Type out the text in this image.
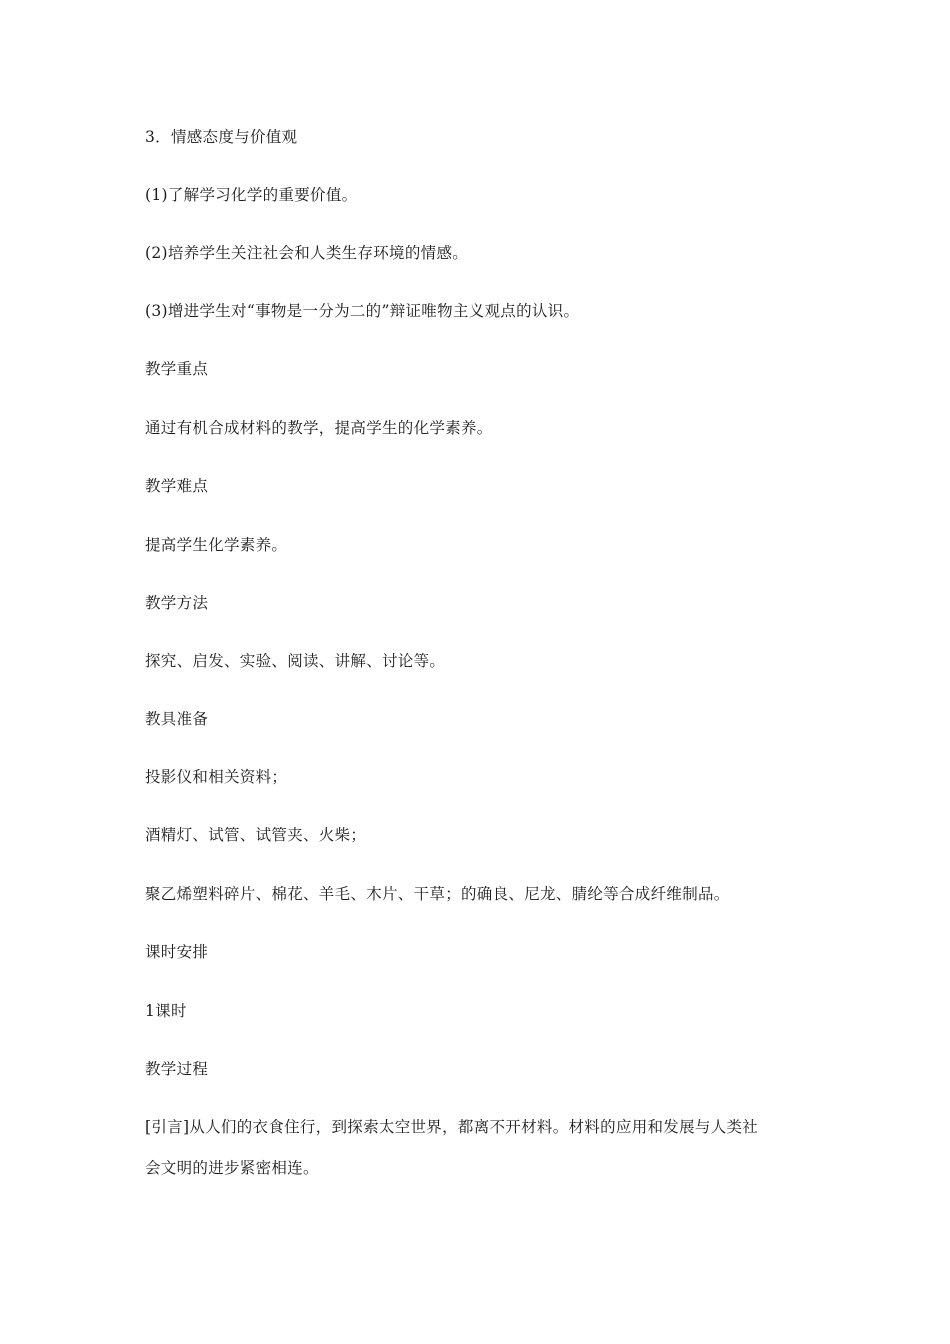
3．情感态度与价值观
(1)了解学习化学的重要价值。
(2)培养学生关注社会和人类生存环境的情感。
(3)增进学生对“事物是一分为二的”辩证唯物主义观点的认识。
教学重点
通过有机合成材料的教学，提高学生的化学素养。
教学难点
提高学生化学素养。
教学方法
探究、启发、实验、阅读、讲解、讨论等。
教具准备
投影仪和相关资料；
酒精灯、试管、试管夹、火柴；
聚乙烯塑料碎片、棉花、羊毛、木片、干草；的确良、尼龙、腈纶等合成纤维制品。
课时安排
1课时
教学过程
[引言]从人们的衣食住行，到探索太空世界，都离不开材料。材料的应用和发展与人类社
会文明的进步紧密相连。
